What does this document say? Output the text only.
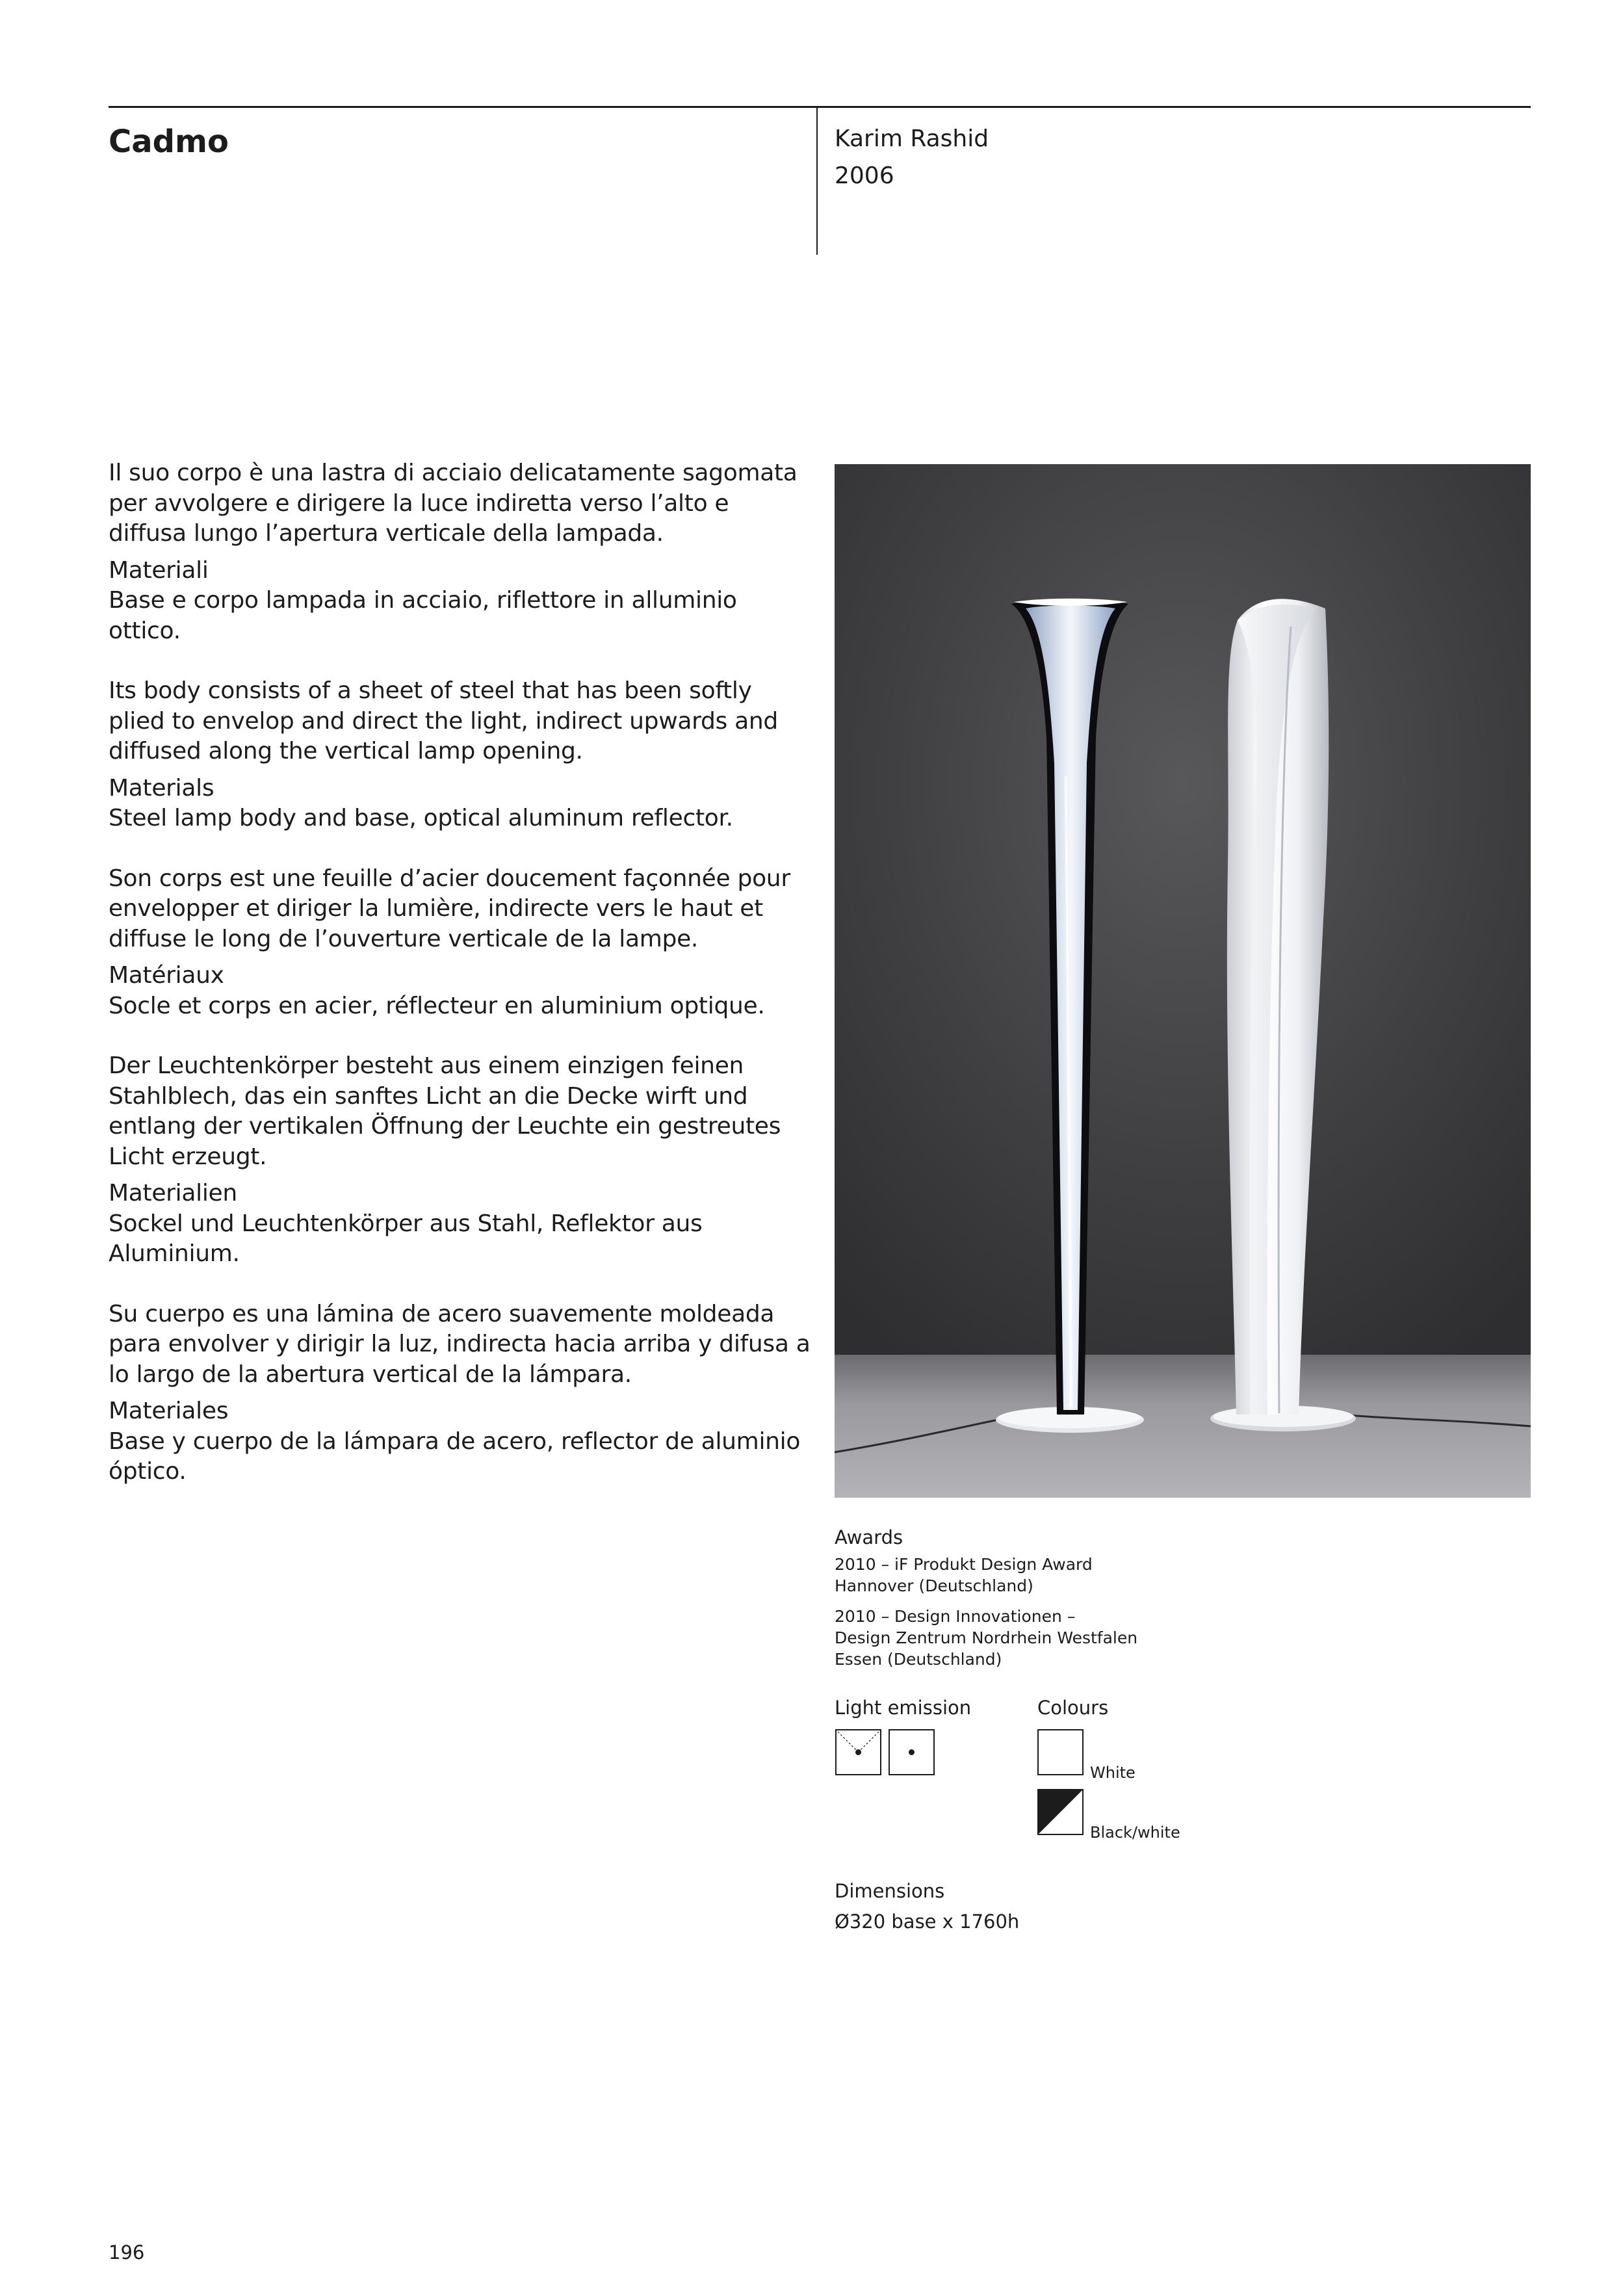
Cadmo	Karim Rashid
2006

Il suo corpo è una lastra di acciaio delicatamente sagomata per avvolgere e dirigere la luce indiretta verso l’alto e diffusa lungo l’apertura verticale della lampada.

Materiali

Base e corpo lampada in acciaio, riflettore in alluminio ottico.

Its body consists of a sheet of steel that has been softly plied to envelop and direct the light, indirect upwards and diffused along the vertical lamp opening.

Materials

Steel lamp body and base, optical aluminum reflector.

Son corps est une feuille d’acier doucement façonnée pour envelopper et diriger la lumière, indirecte vers le haut et diffuse le long de l’ouverture verticale de la lampe.

Matériaux

Socle et corps en acier, réflecteur en aluminium optique.

Der Leuchtenkörper besteht aus einem einzigen feinen Stahlblech, das ein sanftes Licht an die Decke wirft und entlang der vertikalen Öffnung der Leuchte ein gestreutes Licht erzeugt.

Materialien

Sockel und Leuchtenkörper aus Stahl, Reflektor aus Aluminium.

Su cuerpo es una lámina de acero suavemente moldeada para envolver y dirigir la luz, indirecta hacia arriba y difusa a lo largo de la abertura vertical de la lámpara.

Materiales

Base y cuerpo de la lámpara de acero, reflector de aluminio óptico.

Awards
2010 – iF Produkt Design Award
Hannover (Deutschland)
2010 – Design Innovationen –
Design Zentrum Nordrhein Westfalen
Essen (Deutschland)
Light emission	Colours
White
Black/white
Dimensions
Ø320 base x 1760h
196
